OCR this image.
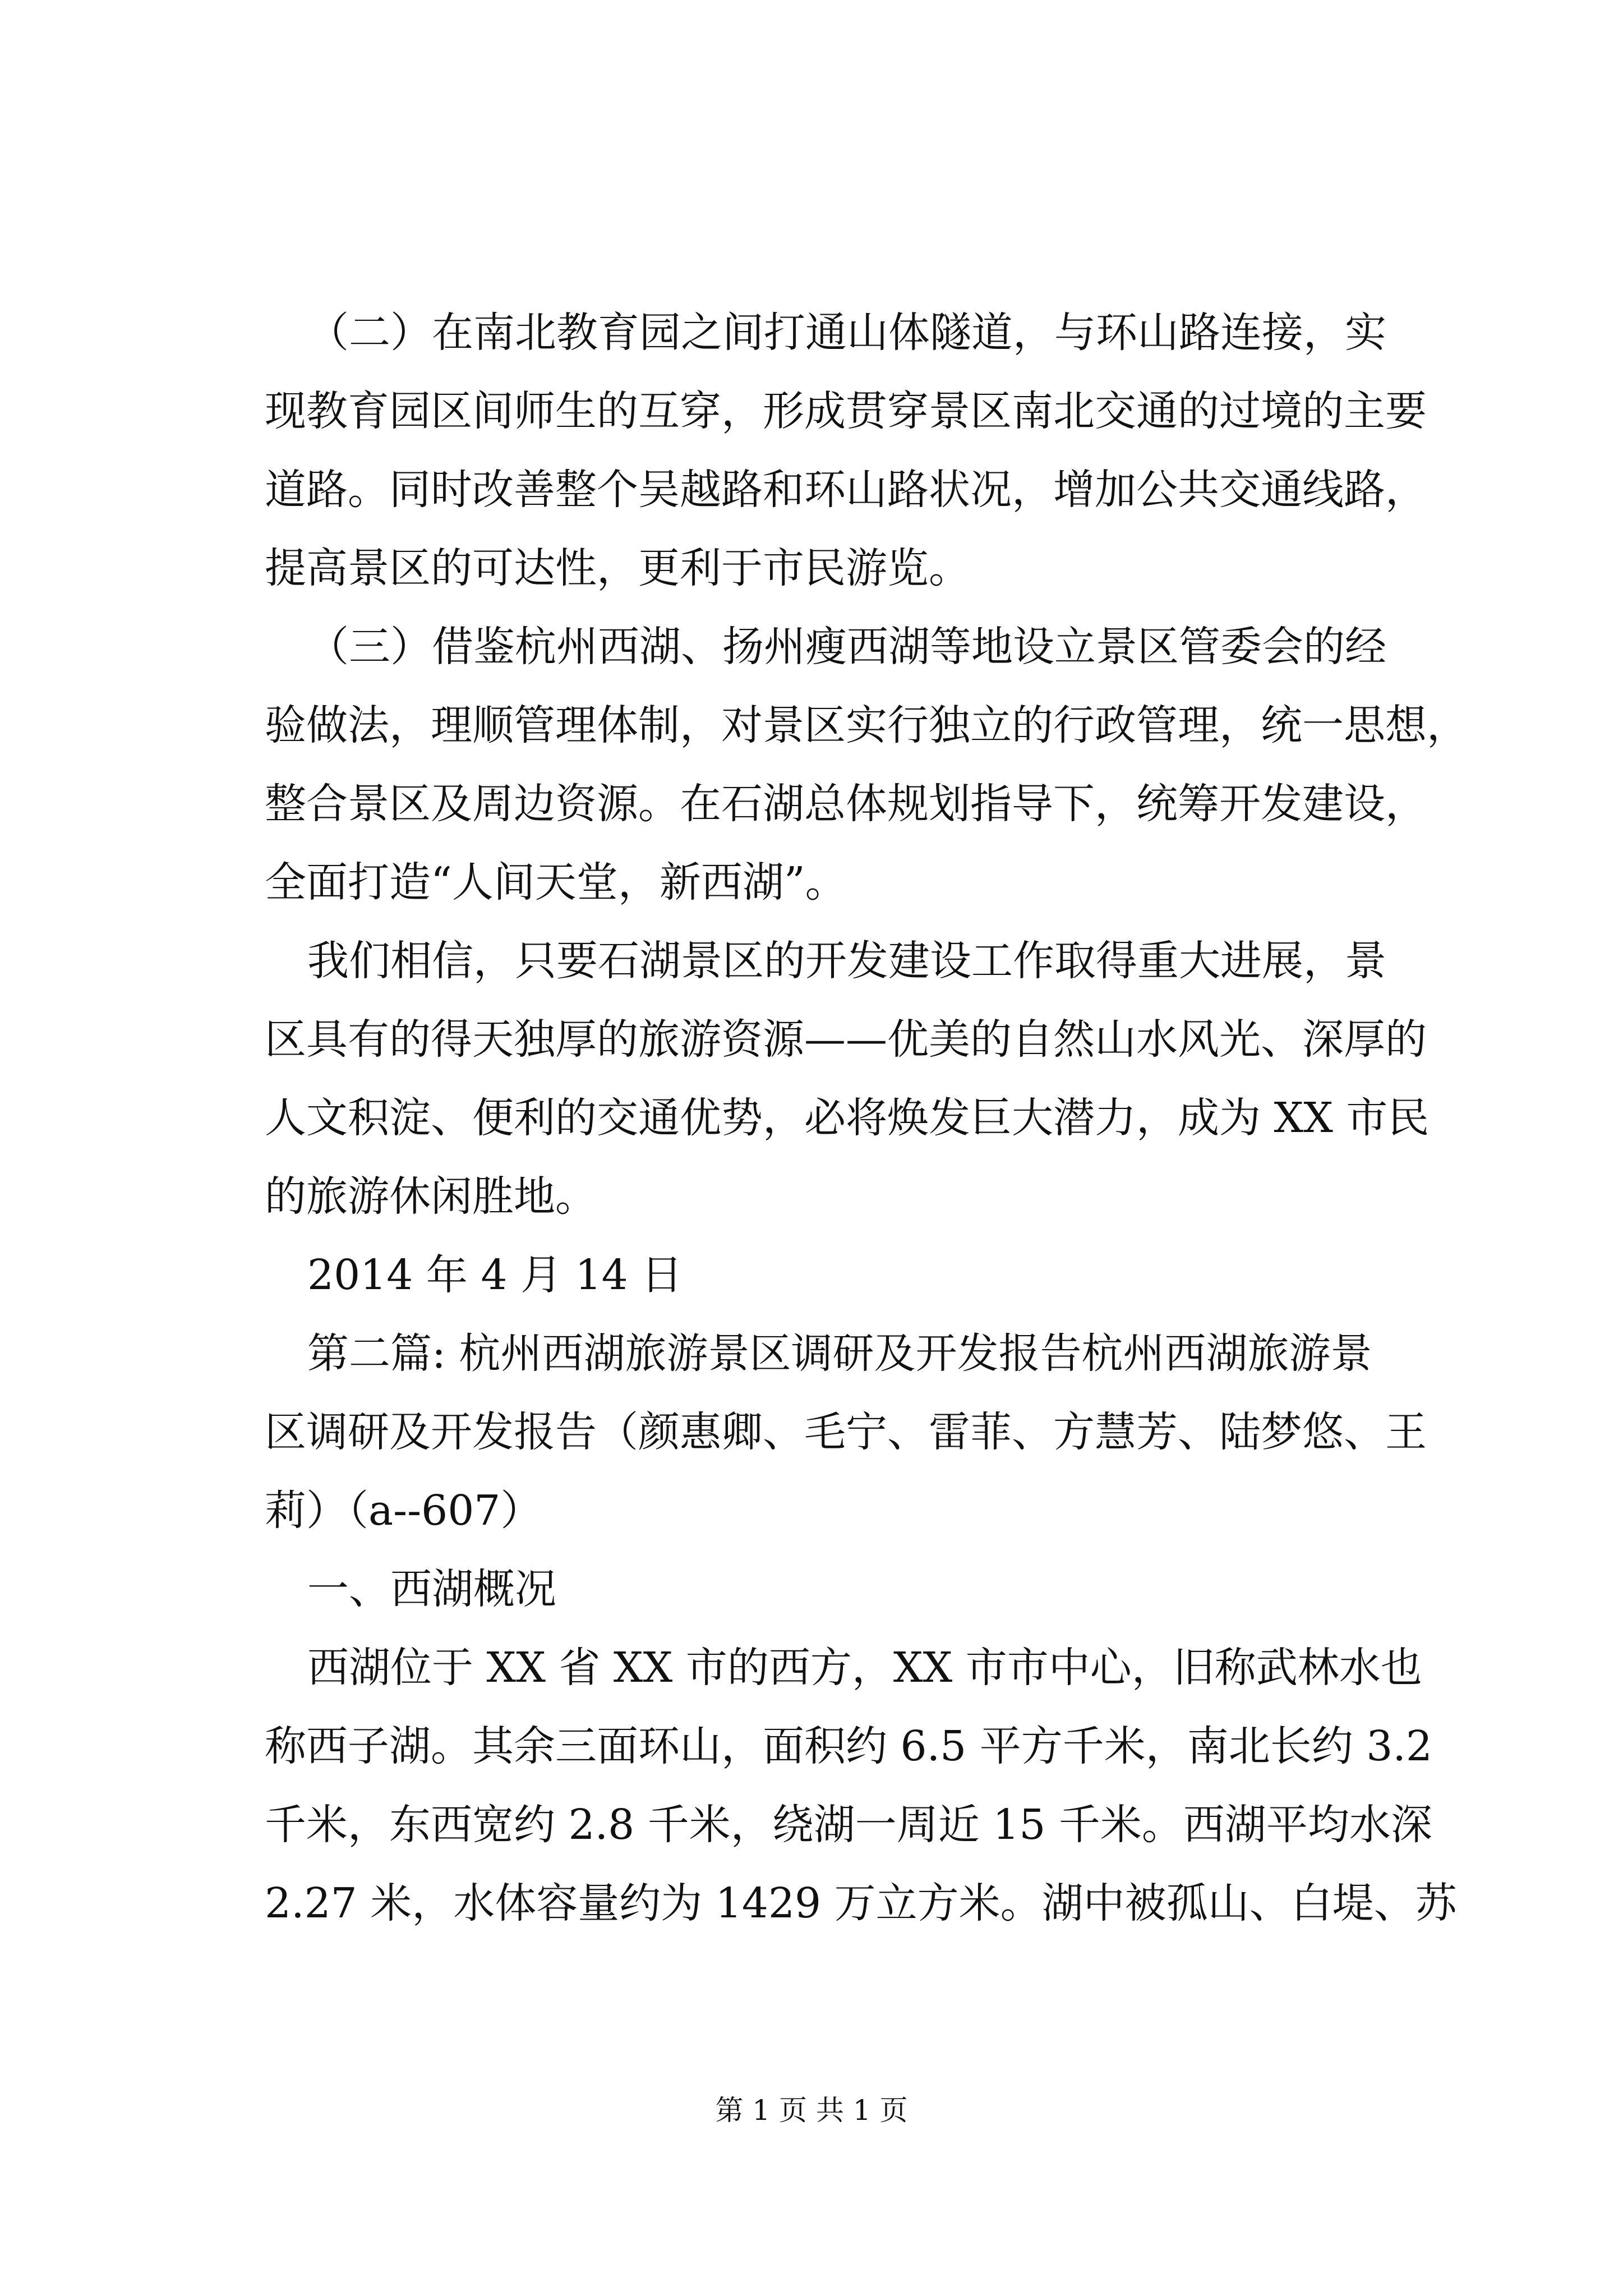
（二）在南北教育园之间打通山体隧道，与环山路连接，实
现教育园区间师生的互穿，形成贯穿景区南北交通的过境的主要
道路。同时改善整个吴越路和环山路状况，增加公共交通线路，
提高景区的可达性，更利于市民游览。
（三）借鉴杭州西湖、扬州瘦西湖等地设立景区管委会的经
验做法，理顺管理体制，对景区实行独立的行政管理，统一思想，
整合景区及周边资源。在石湖总体规划指导下，统筹开发建设，
全面打造“人间天堂，新西湖”。
我们相信，只要石湖景区的开发建设工作取得重大进展，景
区具有的得天独厚的旅游资源——优美的自然山水风光、深厚的
人文积淀、便利的交通优势，必将焕发巨大潜力，成为 XX 市民
的旅游休闲胜地。
2014 年 4 月 14 日
第二篇: 杭州西湖旅游景区调研及开发报告杭州西湖旅游景
区调研及开发报告（颜惠卿、毛宁、雷菲、方慧芳、陆梦悠、王
莉）（a--607）
一、西湖概况
西湖位于 XX 省 XX 市的西方，XX 市市中心，旧称武林水也
称西子湖。其余三面环山，面积约 6.5 平方千米，南北长约 3.2
千米，东西宽约 2.8 千米，绕湖一周近 15 千米。西湖平均水深
2.27 米，水体容量约为 1429 万立方米。湖中被孤山、白堤、苏
第 1 页 共 1 页
